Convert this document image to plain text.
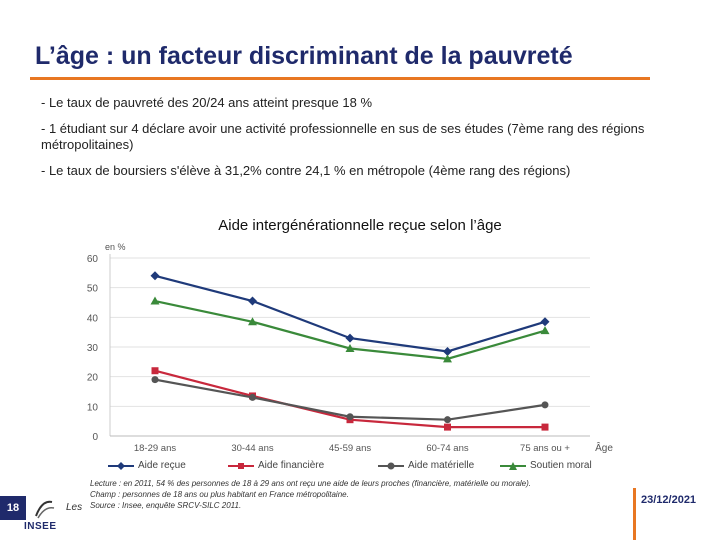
L’âge : un facteur discriminant de la pauvreté

- Le taux de pauvreté des 20/24 ans atteint presque 18 %

- 1 étudiant sur 4 déclare avoir une activité professionnelle en sus de ses études (7ème rang des régions métropolitaines)

- Le taux de boursiers s'élève à 31,2% contre 24,1 % en métropole (4ème rang des régions)

Aide intergénérationnelle reçue selon l’âge
0
10
20
30
40
50
60
en %
18-29 ans	30-44 ans	45-59 ans	60-74 ans	75 ans ou +	Âge
Aide reçue	Aide financière	Aide matérielle	Soutien moral

Lecture : en 2011, 54 % des personnes de 18 à 29 ans ont reçu une aide de leurs proches (financière, matérielle ou morale).

Champ : personnes de 18 ans ou plus habitant en France métropolitaine.

Source : Insee, enquête SRCV-SILC 2011.

18
INSEE
Les
23/12/2021
